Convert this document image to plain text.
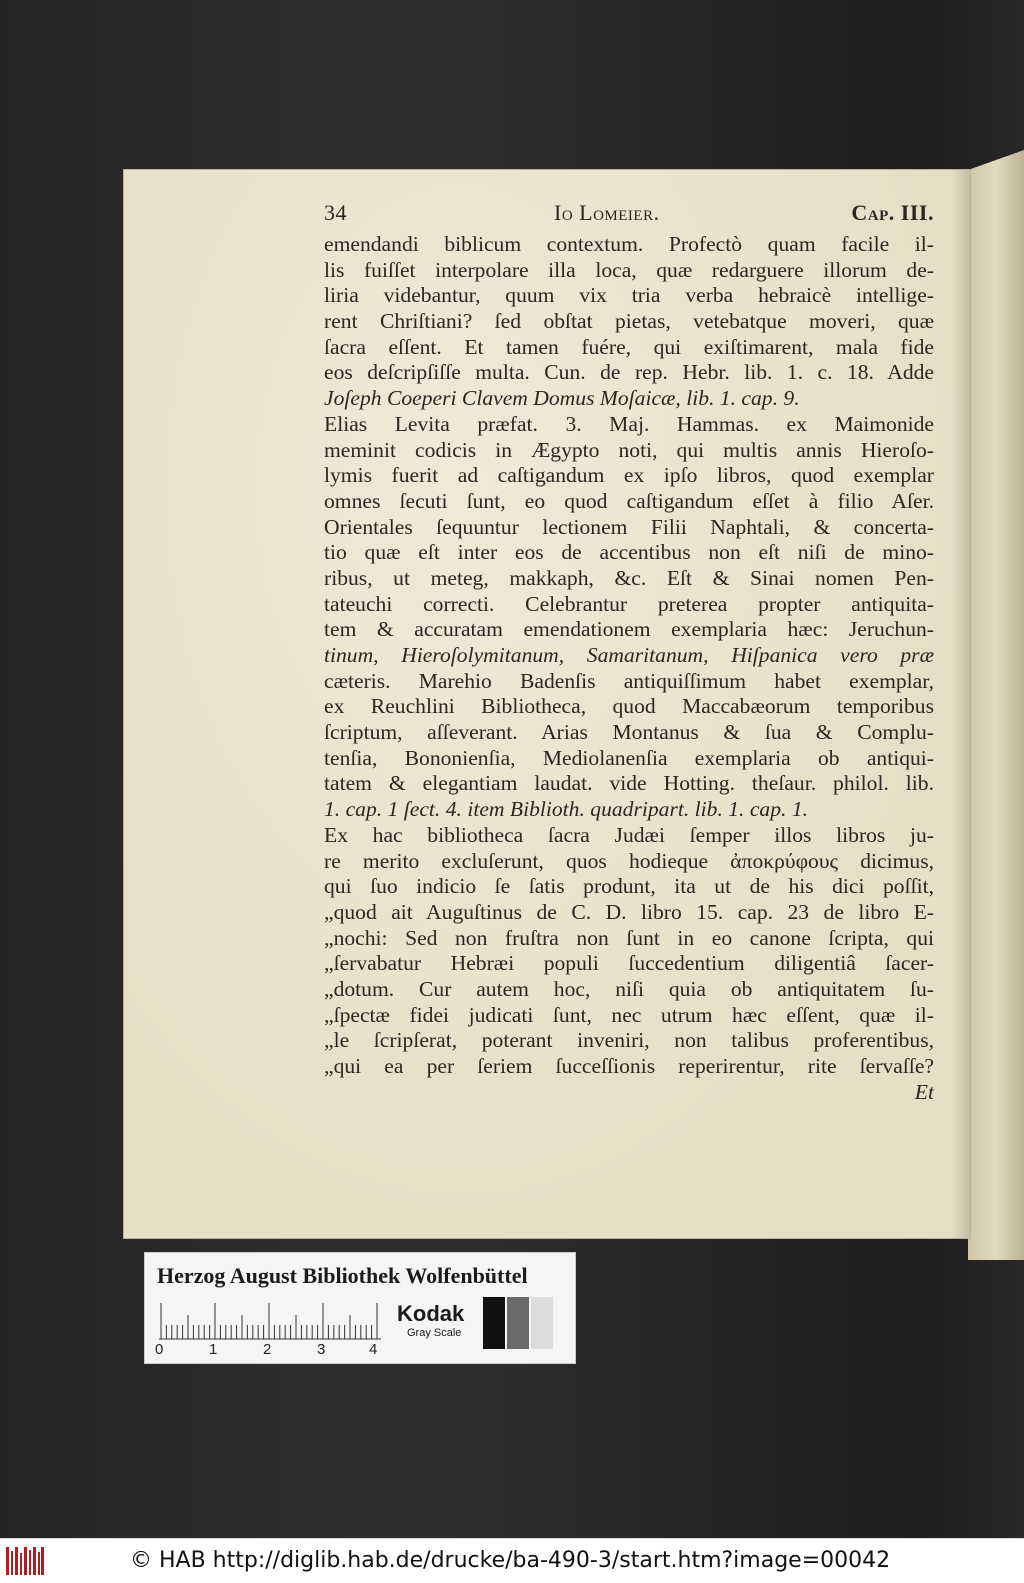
34	Io Lomeier.	Cap. III.
emendandi biblicum contextum. Profectò quam facile il-
lis fuiſſet interpolare illa loca, quæ redarguere illorum de-
liria videbantur, quum vix tria verba hebraicè intellige-
rent Chriſtiani? ſed obſtat pietas, vetebatque moveri, quæ
ſacra eſſent. Et tamen fuére, qui exiſtimarent, mala fide
eos deſcripſiſſe multa. Cun. de rep. Hebr. lib. 1. c. 18. Adde
Joſeph Coeperi Clavem Domus Moſaicæ, lib. 1. cap. 9.
Elias Levita præfat. 3. Maj. Hammas. ex Maimonide
meminit codicis in Ægypto noti, qui multis annis Hieroſo-
lymis fuerit ad caſtigandum ex ipſo libros, quod exemplar
omnes ſecuti ſunt, eo quod caſtigandum eſſet à filio Aſer.
Orientales ſequuntur lectionem Filii Naphtali, & concerta-
tio quæ eſt inter eos de accentibus non eſt niſi de mino-
ribus, ut meteg, makkaph, &c. Eſt & Sinai nomen Pen-
tateuchi correcti. Celebrantur preterea propter antiquita-
tem & accuratam emendationem exemplaria hæc: Jeruchun-
tinum, Hieroſolymitanum, Samaritanum, Hiſpanica vero præ
cæteris. Marehio Badenſis antiquiſſimum habet exemplar,
ex Reuchlini Bibliotheca, quod Maccabæorum temporibus
ſcriptum, aſſeverant. Arias Montanus & ſua & Complu-
tenſia, Bononienſia, Mediolanenſia exemplaria ob antiqui-
tatem & elegantiam laudat. vide Hotting. theſaur. philol. lib.
1. cap. 1 ſect. 4. item Biblioth. quadripart. lib. 1. cap. 1.
Ex hac bibliotheca ſacra Judæi ſemper illos libros ju-
re merito excluſerunt, quos hodieque ἀποκρύφους dicimus,
qui ſuo indicio ſe ſatis produnt, ita ut de his dici poſſit,
„quod ait Auguſtinus de C. D. libro 15. cap. 23 de libro E-
„nochi: Sed non fruſtra non ſunt in eo canone ſcripta, qui
„ſervabatur Hebræi populi ſuccedentium diligentiâ ſacer-
„dotum. Cur autem hoc, niſi quia ob antiquitatem ſu-
„ſpectæ fidei judicati ſunt, nec utrum hæc eſſent, quæ il-
„le ſcripſerat, poterant inveniri, non talibus proferentibus,
„qui ea per ſeriem ſucceſſionis reperirentur, rite ſervaſſe?
Et
Herzog August Bibliothek Wolfenbüttel
0	1	2	3	4
Kodak
Gray Scale
© HAB http://diglib.hab.de/drucke/ba-490-3/start.htm?image=00042
